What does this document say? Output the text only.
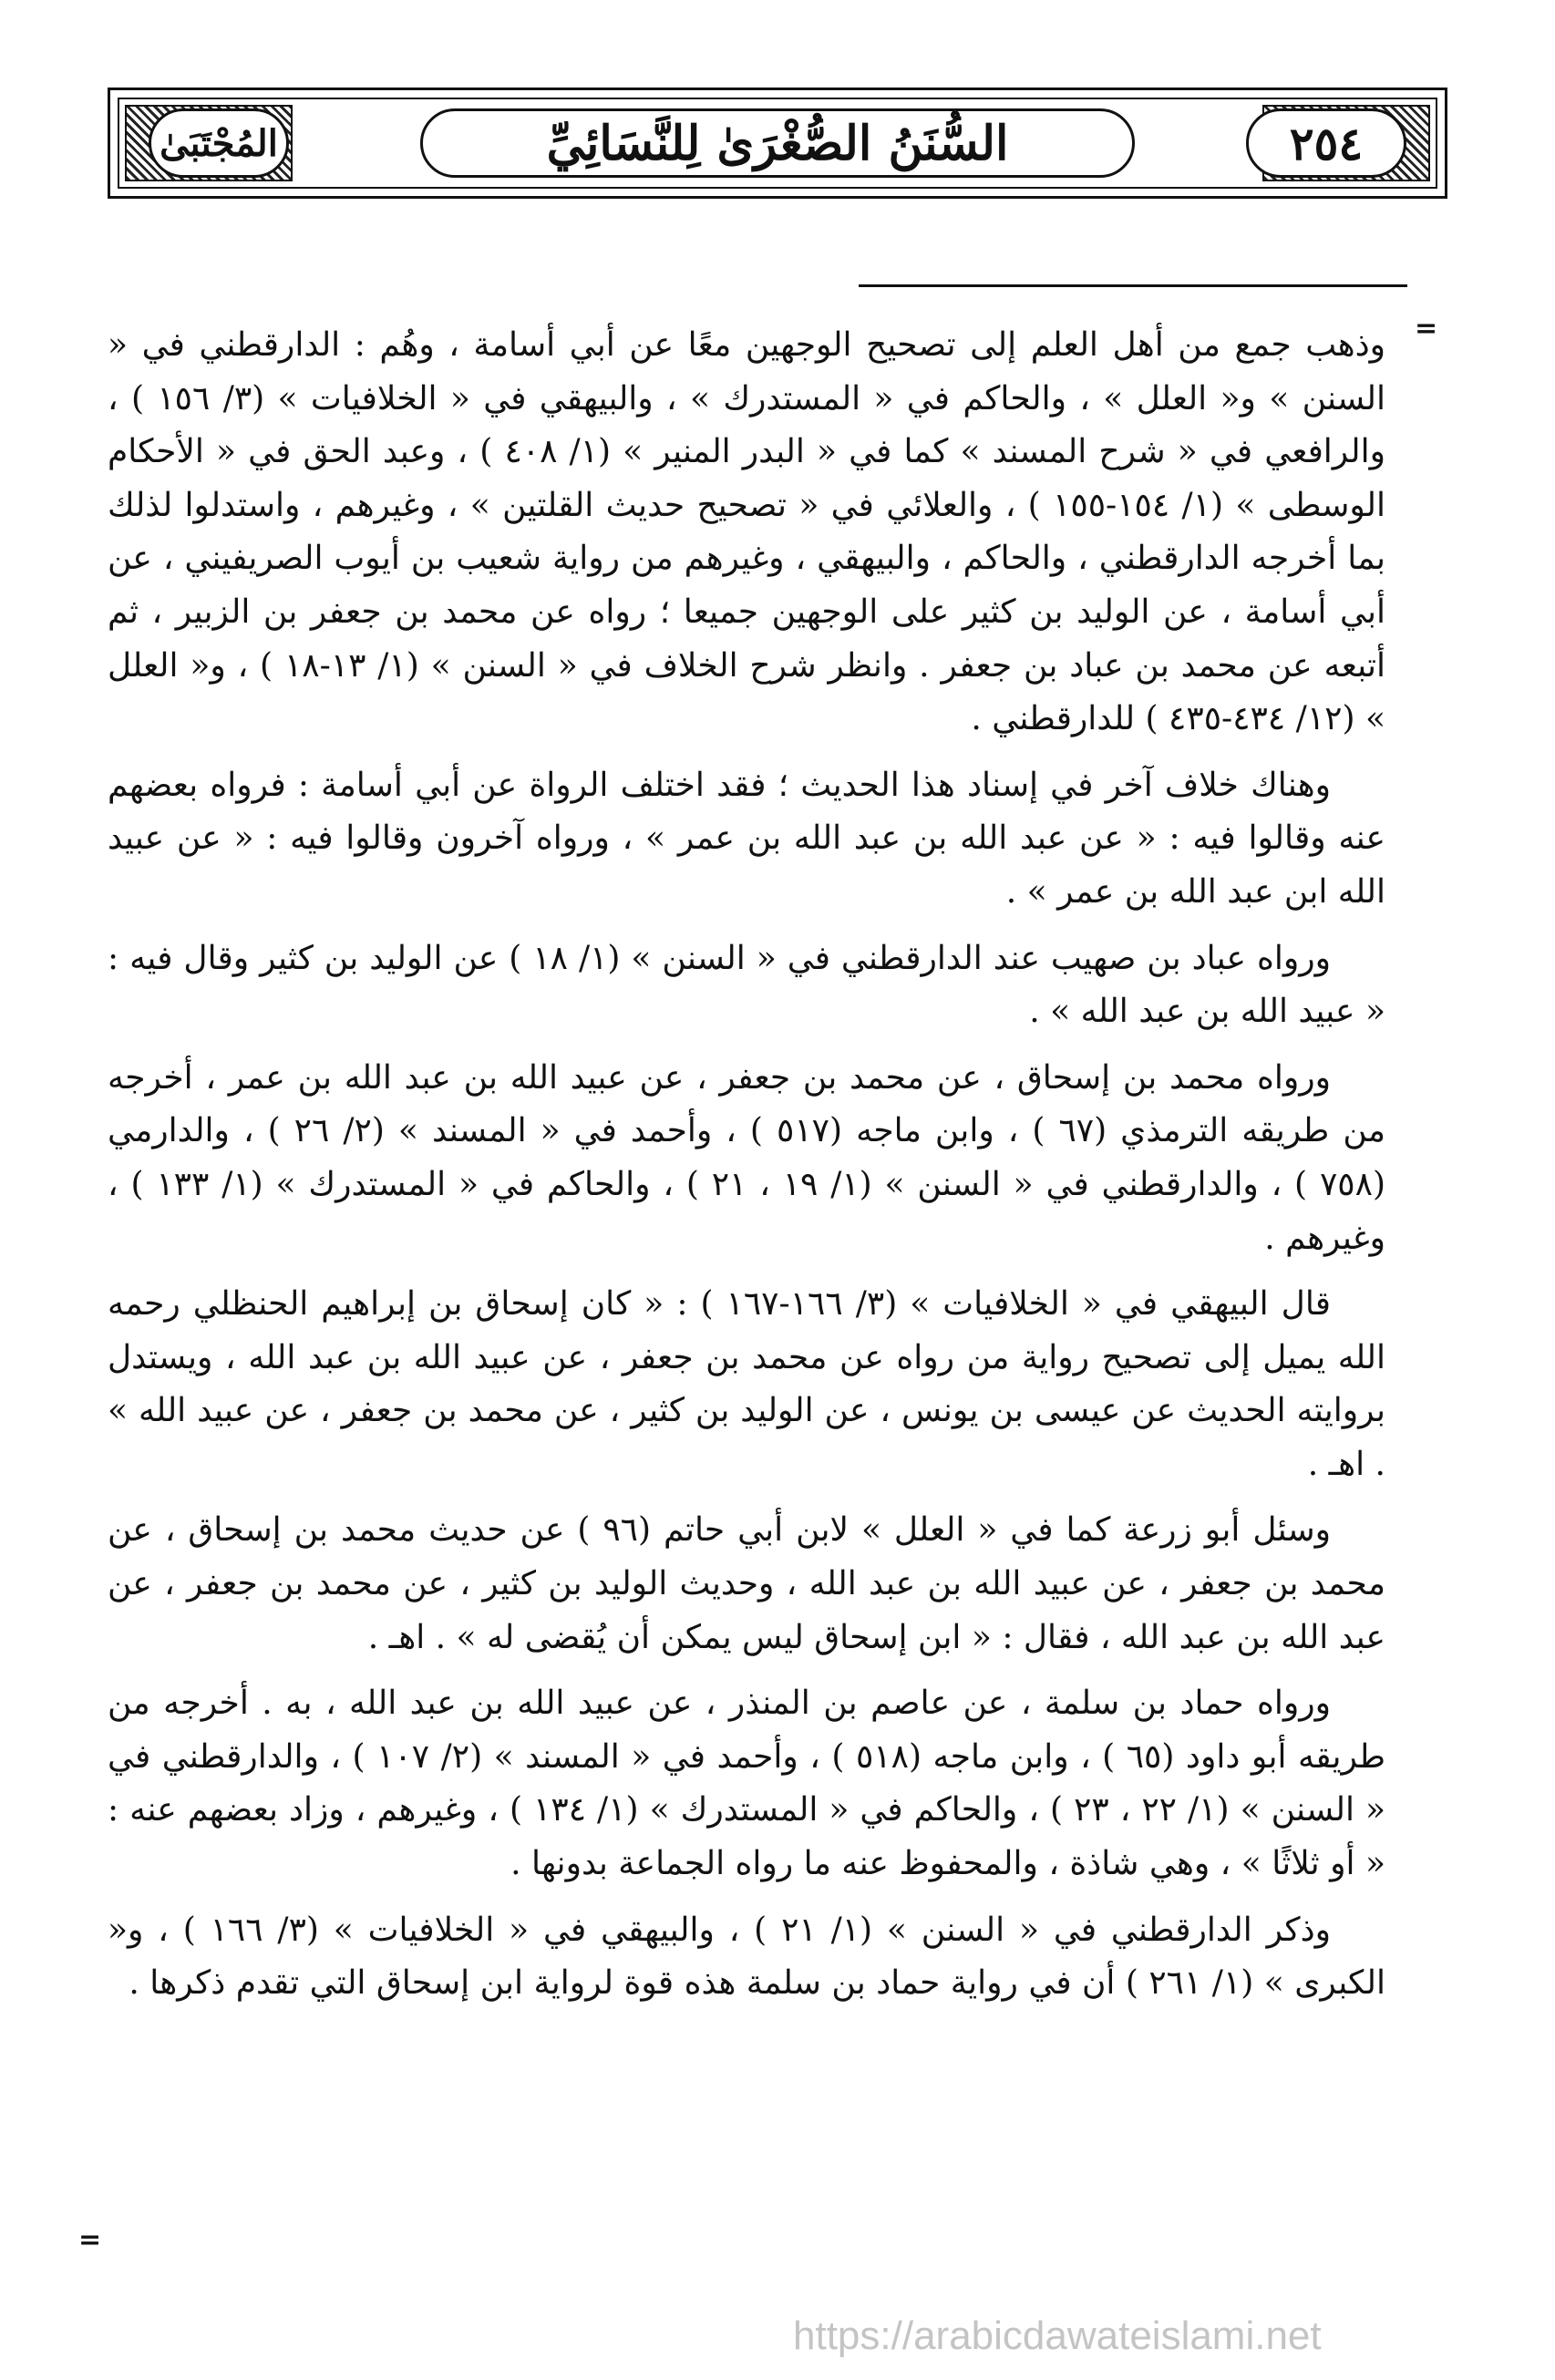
المُجْتَبَىٰ	السُّنَنُ الصُّغْرَىٰ لِلنَّسَائِيِّ	٢٥٤
=

وذهب جمع من أهل العلم إلى تصحيح الوجهين معًا عن أبي أسامة ، وهُم : الدارقطني في « السنن » و« العلل » ، والحاكم في « المستدرك » ، والبيهقي في « الخلافيات » (٣/ ١٥٦ ) ، والرافعي في « شرح المسند » كما في « البدر المنير » (١/ ٤٠٨ ) ، وعبد الحق في « الأحكام الوسطى » (١/ ١٥٤-١٥٥ ) ، والعلائي في « تصحيح حديث القلتين » ، وغيرهم ، واستدلوا لذلك بما أخرجه الدارقطني ، والحاكم ، والبيهقي ، وغيرهم من رواية شعيب بن أيوب الصريفيني ، عن أبي أسامة ، عن الوليد بن كثير على الوجهين جميعا ؛ رواه عن محمد بن جعفر بن الزبير ، ثم أتبعه عن محمد بن عباد بن جعفر . وانظر شرح الخلاف في « السنن » (١/ ١٣-١٨ ) ، و« العلل » (١٢/ ٤٣٤-٤٣٥ ) للدارقطني .

وهناك خلاف آخر في إسناد هذا الحديث ؛ فقد اختلف الرواة عن أبي أسامة : فرواه بعضهم عنه وقالوا فيه : « عن عبد الله بن عبد الله بن عمر » ، ورواه آخرون وقالوا فيه : « عن عبيد الله ابن عبد الله بن عمر » .

ورواه عباد بن صهيب عند الدارقطني في « السنن » (١/ ١٨ ) عن الوليد بن كثير وقال فيه : « عبيد الله بن عبد الله » .

ورواه محمد بن إسحاق ، عن محمد بن جعفر ، عن عبيد الله بن عبد الله بن عمر ، أخرجه من طريقه الترمذي (٦٧ ) ، وابن ماجه (٥١٧ ) ، وأحمد في « المسند » (٢/ ٢٦ ) ، والدارمي (٧٥٨ ) ، والدارقطني في « السنن » (١/ ١٩ ، ٢١ ) ، والحاكم في « المستدرك » (١/ ١٣٣ ) ، وغيرهم .

قال البيهقي في « الخلافيات » (٣/ ١٦٦-١٦٧ ) : « كان إسحاق بن إبراهيم الحنظلي رحمه الله يميل إلى تصحيح رواية من رواه عن محمد بن جعفر ، عن عبيد الله بن عبد الله ، ويستدل بروايته الحديث عن عيسى بن يونس ، عن الوليد بن كثير ، عن محمد بن جعفر ، عن عبيد الله » . اهـ .

وسئل أبو زرعة كما في « العلل » لابن أبي حاتم (٩٦ ) عن حديث محمد بن إسحاق ، عن محمد بن جعفر ، عن عبيد الله بن عبد الله ، وحديث الوليد بن كثير ، عن محمد بن جعفر ، عن عبد الله بن عبد الله ، فقال : « ابن إسحاق ليس يمكن أن يُقضى له » . اهـ .

ورواه حماد بن سلمة ، عن عاصم بن المنذر ، عن عبيد الله بن عبد الله ، به . أخرجه من طريقه أبو داود (٦٥ ) ، وابن ماجه (٥١٨ ) ، وأحمد في « المسند » (٢/ ١٠٧ ) ، والدارقطني في « السنن » (١/ ٢٢ ، ٢٣ ) ، والحاكم في « المستدرك » (١/ ١٣٤ ) ، وغيرهم ، وزاد بعضهم عنه : « أو ثلاثًا » ، وهي شاذة ، والمحفوظ عنه ما رواه الجماعة بدونها .

وذكر الدارقطني في « السنن » (١/ ٢١ ) ، والبيهقي في « الخلافيات » (٣/ ١٦٦ ) ، و« الكبرى » (١/ ٢٦١ ) أن في رواية حماد بن سلمة هذه قوة لرواية ابن إسحاق التي تقدم ذكرها .

=
https://arabicdawateislami.net
